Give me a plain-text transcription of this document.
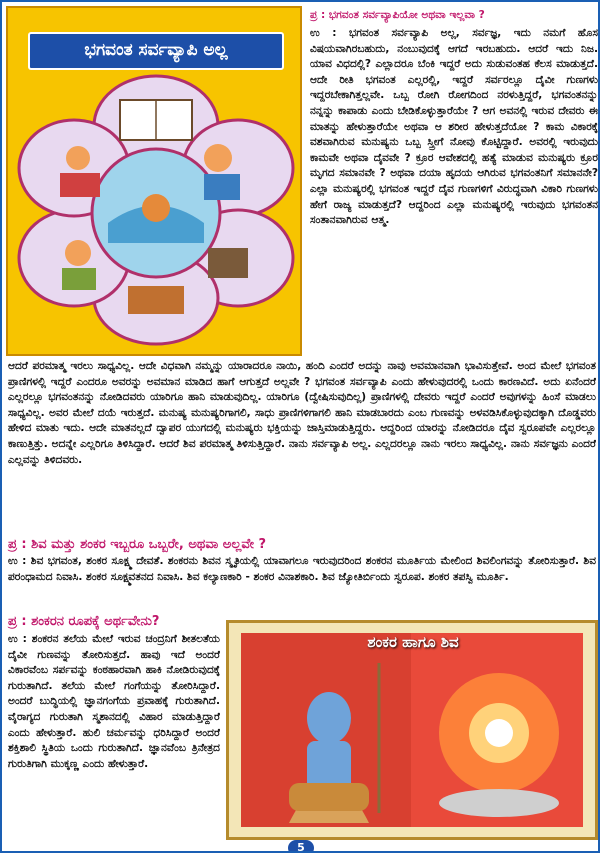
ಭಗವಂತ ಸರ್ವವ್ಯಾಪಿ ಅಲ್ಲ
ಪ್ರ : ಭಗವಂತ ಸರ್ವವ್ಯಾಪಿಯೋ ಅಥವಾ ಇಲ್ಲವಾ ?
ಉ : ಭಗವಂತ ಸರ್ವವ್ಯಾಪಿ ಅಲ್ಲ, ಸರ್ವಜ್ಞ, ಇದು ನಮಗೆ ಹೊಸ ವಿಷಯವಾಗಿರಬಹುದು, ನಂಬುವುದಕ್ಕೆ ಆಗದೆ ಇರಬಹುದು. ಆದರೆ ಇದು ನಿಜ. ಯಾವ ವಿಧದಲ್ಲಿ? ಎಲ್ಲಾದರೂ ಬೆಂಕಿ ಇದ್ದರೆ ಅದು ಸುಡುವಂತಹ ಕೆಲಸ ಮಾಡುತ್ತದೆ. ಆದೇ ರೀತಿ ಭಗವಂತ ಎಲ್ಲರಲ್ಲಿ, ಇದ್ದರೆ ಸರ್ವರಲ್ಲೂ ದೈವೀ ಗುಣಗಳು ಇದ್ದರಬೇಕಾಗಿತ್ತಲ್ಲವೇ. ಒಬ್ಬ ರೋಗಿ ರೋಗದಿಂದ ನರಳುತ್ತಿದ್ದರೆ, ಭಗವಂತನನ್ನು ನನ್ನನ್ನು ಕಾಪಾಡು ಎಂದು ಬೇಡಿಕೊಳ್ಳುತ್ತಾರೆಯೇ ? ಆಗ ಅವನಲ್ಲಿ ಇರುವ ದೇವರು ಈ ಮಾತನ್ನು ಹೇಳುತ್ತಾರೆಯೇ ಅಥವಾ ಆ ಶರೀರ ಹೇಳುತ್ತದೆಯೋ ? ಕಾಮ ವಿಕಾರಕ್ಕೆ ವಶವಾಗಿರುವ ಮನುಷ್ಯನು ಒಬ್ಬ ಸ್ತ್ರೀಗೆ ನೋವು ಕೊಟ್ಟಿದ್ದಾರೆ. ಅವರಲ್ಲಿ ಇರುವುದು ಕಾಮವೇ ಅಥವಾ ದೈವವೇ ? ಕ್ರೂರ ಆವೇಶದಲ್ಲಿ ಹತ್ಯೆ ಮಾಡುವ ಮನುಷ್ಯರು ಕ್ರೂರ ಮೃಗದ ಸಮಾನವೇ ? ಅಥವಾ ದಯಾ ಹೃದಯ ಆಗಿರುವ ಭಗವಂತನಿಗೆ ಸಮಾನನೇ? ಎಲ್ಲಾ ಮನುಷ್ಯರಲ್ಲಿ ಭಗವಂತ ಇದ್ದರೆ ದೈವ ಗುಣಗಳಿಗೆ ವಿರುದ್ಧವಾಗಿ ವಿಕಾರಿ ಗುಣಗಳು ಹೇಗೆ ರಾಜ್ಯ ಮಾಡುತ್ತದೆ? ಆದ್ದರಿಂದ ಎಲ್ಲಾ ಮನುಷ್ಯರಲ್ಲಿ ಇರುವುದು ಭಗವಂತನ ಸಂತಾನವಾಗಿರುವ ಆತ್ಮ.
ಆದರೆ ಪರಮಾತ್ಮ ಇರಲು ಸಾಧ್ಯವಿಲ್ಲ. ಆದೇ ವಿಧವಾಗಿ ನಮ್ಮನ್ನು ಯಾರಾದರೂ ನಾಯಿ, ಹಂದಿ ಎಂದರೆ ಅದನ್ನು ನಾವು ಅವಮಾನವಾಗಿ ಭಾವಿಸುತ್ತೇವೆ. ಅಂದ ಮೇಲೆ ಭಗವಂತ ಪ್ರಾಣಿಗಳಲ್ಲಿ ಇದ್ದರೆ ಎಂದರೂ ಅವರನ್ನು ಅವಮಾನ ಮಾಡಿದ ಹಾಗೆ ಆಗುತ್ತದೆ ಅಲ್ಲವೇ ? ಭಗವಂತ ಸರ್ವವ್ಯಾಪಿ ಎಂದು ಹೇಳುವುದರಲ್ಲಿ ಒಂದು ಕಾರಣವಿದೆ. ಅದು ಏನೆಂದರೆ ಎಲ್ಲರಲ್ಲೂ ಭಗವಂತನನ್ನು ನೋಡಿದವರು ಯಾರಿಗೂ ಹಾನಿ ಮಾಡುವುದಿಲ್ಲ. ಯಾರಿಗೂ (ದ್ವೇಷಿಸುವುದಿಲ್ಲ) ಪ್ರಾಣಿಗಳಲ್ಲಿ ದೇವರು ಇದ್ದರೆ ಎಂದರೆ ಅವುಗಳನ್ನು ಹಿಂಸೆ ಮಾಡಲು ಸಾಧ್ಯವಿಲ್ಲ. ಅವರ ಮೇಲೆ ದಯೆ ಇರುತ್ತದೆ. ಮನುಷ್ಯ ಮನುಷ್ಯರಿಗಾಗಲಿ, ಸಾಧು ಪ್ರಾಣಿಗಳಿಗಾಗಲಿ ಹಾನಿ ಮಾಡಬಾರದು ಎಂಬ ಗುಣವನ್ನು ಅಳವಡಿಸಿಕೊಳ್ಳುವುದಕ್ಕಾಗಿ ದೊಡ್ಡವರು ಹೇಳಿದ ಮಾತು ಇದು. ಆದೇ ಮಾತನಲ್ಲದೆ ದ್ವಾಪರ ಯುಗದಲ್ಲಿ ಮನುಷ್ಯರು ಭಕ್ತಿಯನ್ನು ಜಾಸ್ತಿಮಾಡುತ್ತಿದ್ದರು. ಆದ್ದರಿಂದ ಯಾರನ್ನು ನೋಡಿದರೂ ದೈವ ಸ್ವರೂಪವೇ ಎಲ್ಲರಲ್ಲೂ ಕಾಣುತ್ತಿತ್ತು. ಅದನ್ನೇ ಎಲ್ಲರಿಗೂ ತಿಳಿಸಿದ್ದಾರೆ. ಆದರೆ ಶಿವ ಪರಮಾತ್ಮ ತಿಳಿಸುತ್ತಿದ್ದಾರೆ. ನಾನು ಸರ್ವವ್ಯಾಪಿ ಅಲ್ಲ. ಎಲ್ಲದರಲ್ಲೂ ನಾನು ಇರಲು ಸಾಧ್ಯವಿಲ್ಲ. ನಾನು ಸರ್ವಜ್ಞನು ಎಂದರೆ ಎಲ್ಲವನ್ನು ತಿಳಿದವರು.
ಪ್ರ : ಶಿವ ಮತ್ತು ಶಂಕರ ಇಬ್ಬರೂ ಒಬ್ಬರೇ, ಅಥವಾ ಅಲ್ಲವೇ ?
ಉ : ಶಿವ ಭಗವಂತ, ಶಂಕರ ಸೂಕ್ಷ್ಮ ದೇವತೆ. ಶಂಕರನು ಶಿವನ ಸ್ಮೃತಿಯಲ್ಲಿ ಯಾವಾಗಲೂ ಇರುವುದರಿಂದ ಶಂಕರನ ಮೂರ್ತಿಯ ಮೇಲಿಂದ ಶಿವಲಿಂಗವನ್ನು ತೋರಿಸುತ್ತಾರೆ. ಶಿವ ಪರಂಧಾಮದ ನಿವಾಸಿ. ಶಂಕರ ಸೂಕ್ಷ್ಮವತನದ ನಿವಾಸಿ. ಶಿವ ಕಲ್ಯಾಣಕಾರಿ - ಶಂಕರ ವಿನಾಶಕಾರಿ. ಶಿವ ಜ್ಯೋತಿರ್ಬಿಂದು ಸ್ವರೂಪ. ಶಂಕರ ತಪಸ್ವಿ ಮೂರ್ತಿ.
ಪ್ರ : ಶಂಕರನ ರೂಪಕ್ಕೆ ಅರ್ಥವೇನು?
ಉ : ಶಂಕರನ ತಲೆಯ ಮೇಲೆ ಇರುವ ಚಂದ್ರನಿಗೆ ಶೀತಲತೆಯ ದೈವೀ ಗುಣವನ್ನು ತೋರಿಸುತ್ತದೆ. ಹಾವು ಇದೆ ಅಂದರೆ ವಿಕಾರವೆಂಬ ಸರ್ಪವನ್ನು ಕಂಠಹಾರವಾಗಿ ಹಾಕಿ ನೋಡಿರುವುದಕ್ಕೆ ಗುರುತಾಗಿದೆ. ತಲೆಯ ಮೇಲೆ ಗಂಗೆಯನ್ನು ತೋರಿಸಿದ್ದಾರೆ. ಅಂದರೆ ಬುದ್ಧಿಯಲ್ಲಿ ಜ್ಞಾನಗಂಗೆಯ ಪ್ರವಾಹಕ್ಕೆ ಗುರುತಾಗಿದೆ. ವೈರಾಗ್ಯದ ಗುರುತಾಗಿ ಸ್ಮಶಾನದಲ್ಲಿ ವಿಹಾರ ಮಾಡುತ್ತಿದ್ದಾರೆ ಎಂದು ಹೇಳುತ್ತಾರೆ. ಹುಲಿ ಚರ್ಮವನ್ನು ಧರಿಸಿದ್ದಾರೆ ಅಂದರೆ ಶಕ್ತಿಶಾಲಿ ಸ್ಥಿತಿಯ ಒಂದು ಗುರುತಾಗಿದೆ. ಜ್ಞಾನವೆಂಬ ತ್ರಿನೇತ್ರದ ಗುರುತಿಗಾಗಿ ಮುಕ್ಕಣ್ಣ ಎಂದು ಹೇಳುತ್ತಾರೆ.
ಶಂಕರ ಹಾಗೂ ಶಿವ
5
